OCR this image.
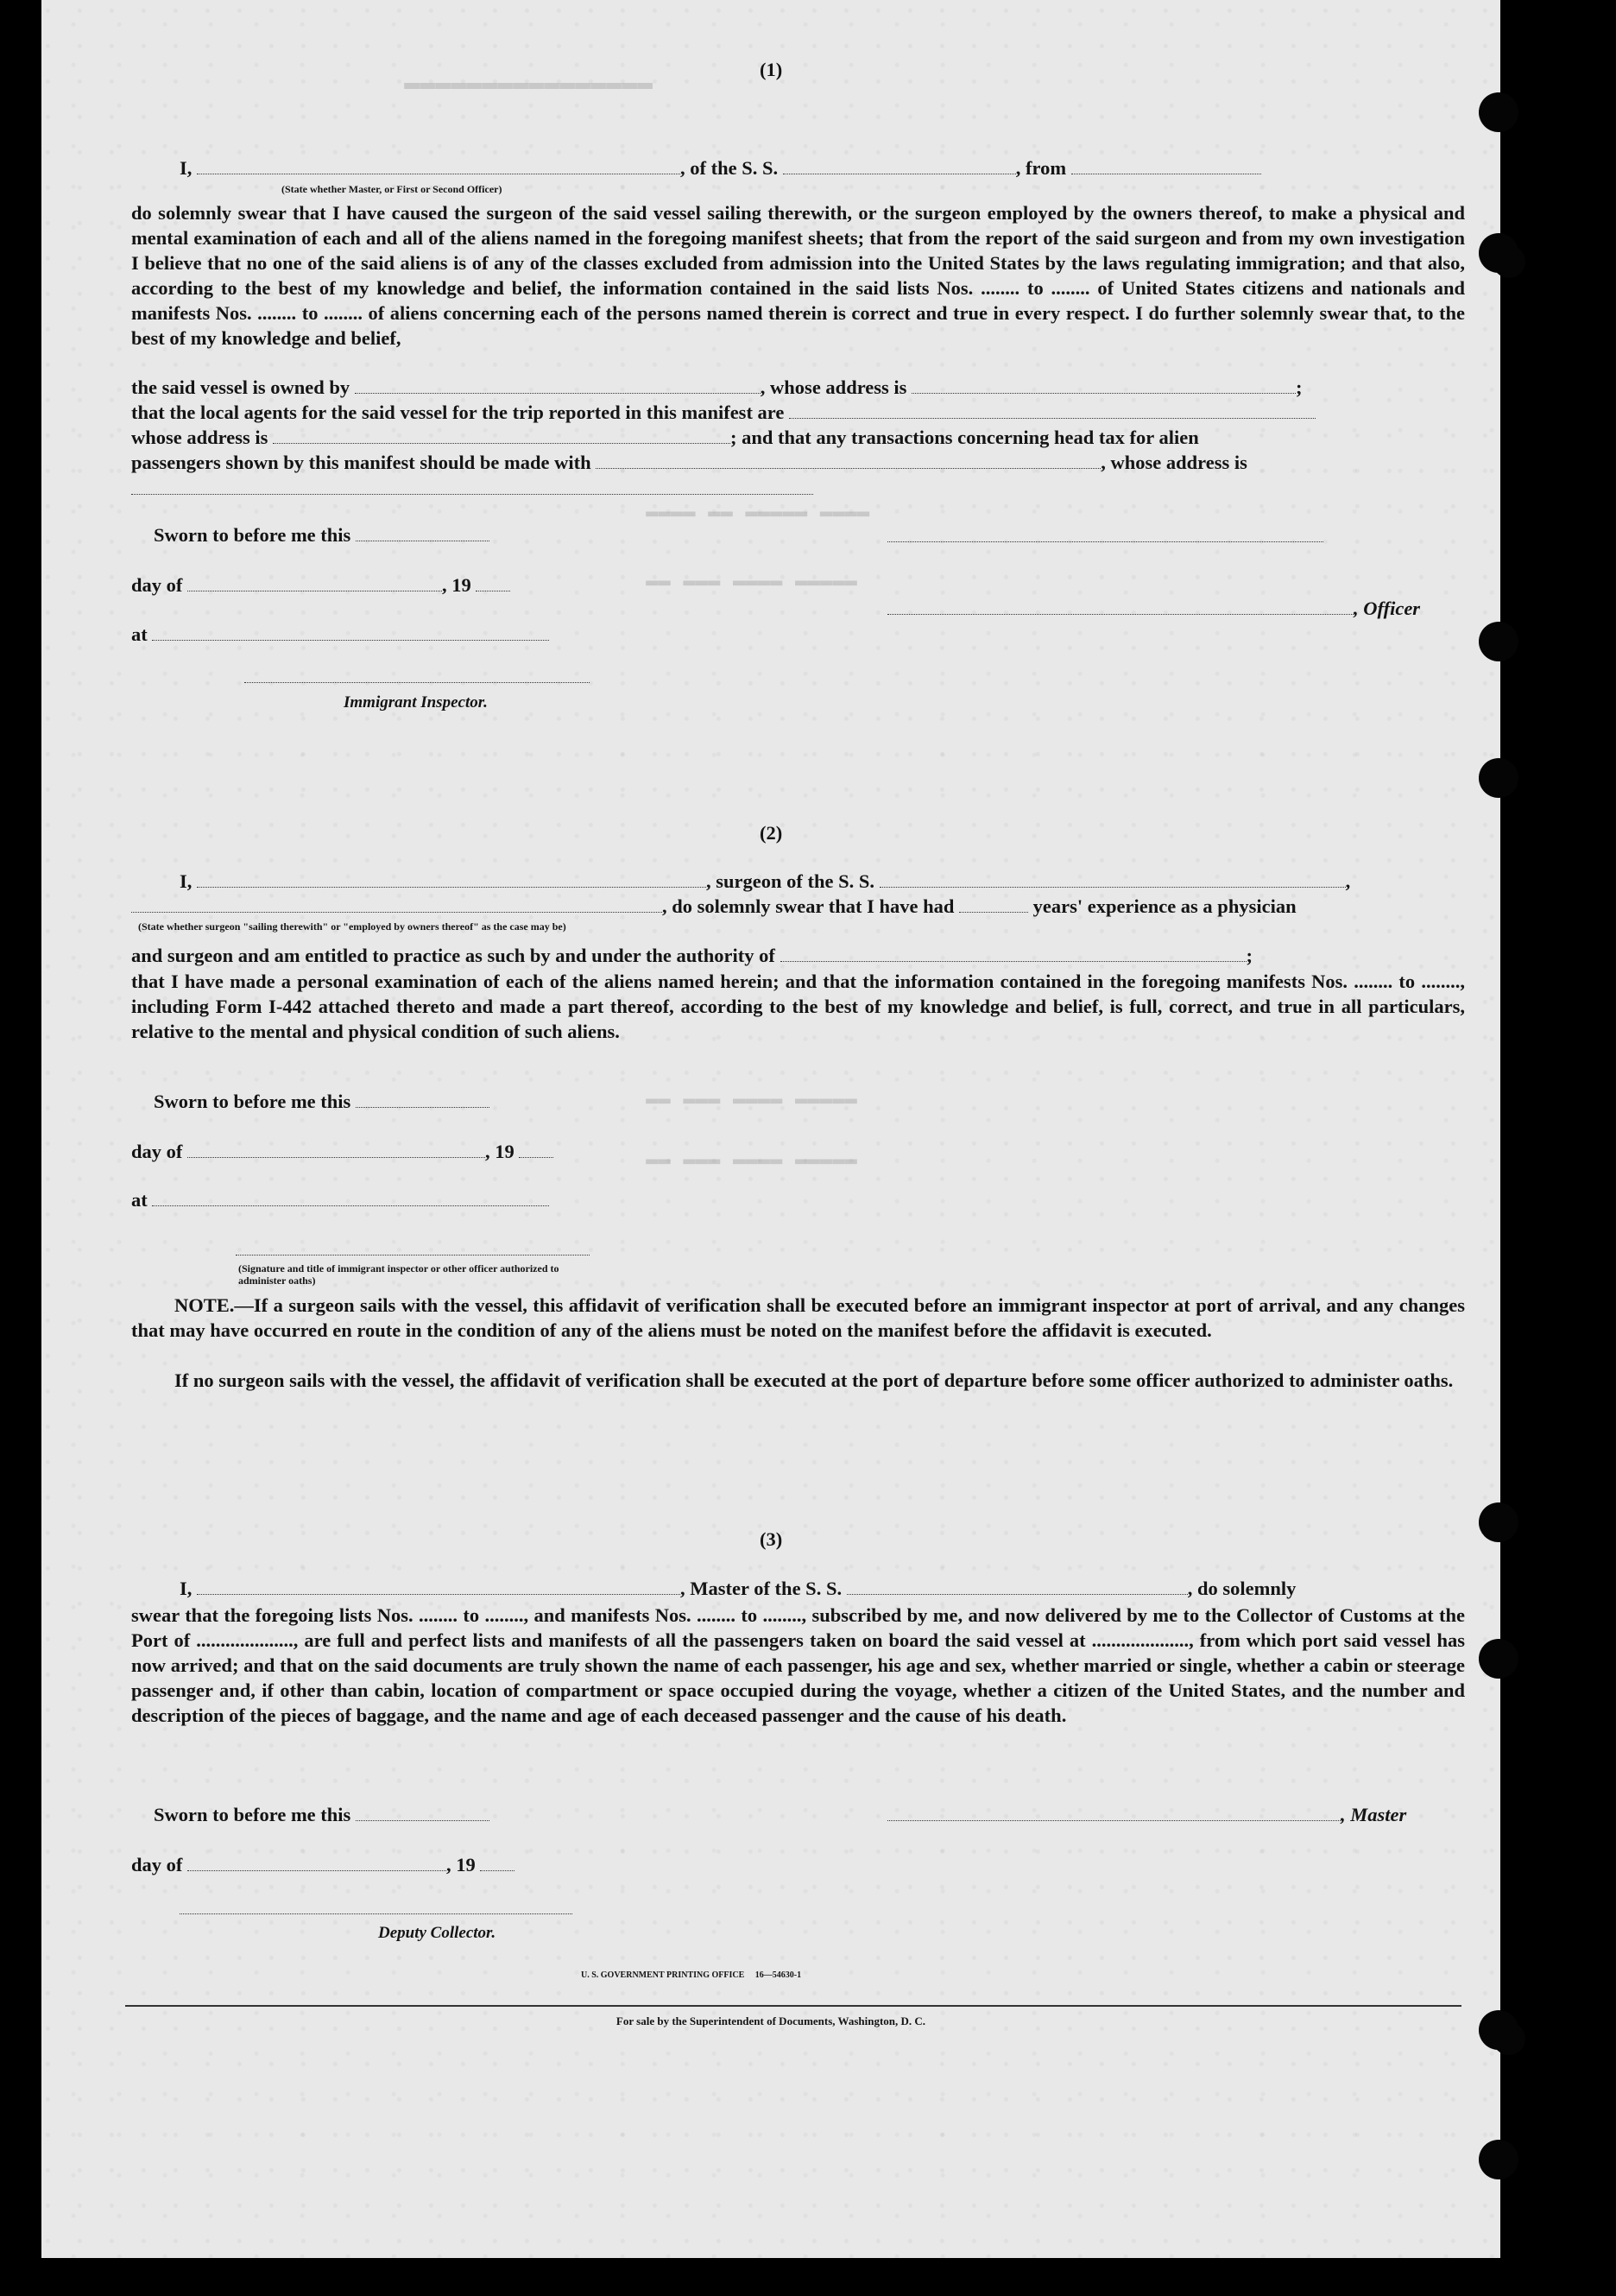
▬▬▬▬▬▬▬▬▬▬▬▬▬▬▬▬
▬▬▬▬ ▬▬▬▬▬ ▬▬ ▬▬▬▬
▬▬▬▬▬ ▬▬▬▬ ▬▬▬ ▬▬
▬▬▬▬▬ ▬▬▬▬ ▬▬▬ ▬▬
▬▬▬▬▬ ▬▬▬▬ ▬▬▬ ▬▬
(1)
I,	, of the S. S.	, from
(State whether Master, or First or Second Officer)

do solemnly swear that I have caused the surgeon of the said vessel sailing therewith, or the surgeon employed by the owners thereof, to make a physical and mental examination of each and all of the aliens named in the foregoing manifest sheets; that from the report of the said surgeon and from my own investigation I believe that no one of the said aliens is of any of the classes excluded from admission into the United States by the laws regulating immigration; and that also, according to the best of my knowledge and belief, the information contained in the said lists Nos. ........ to ........ of United States citizens and nationals and manifests Nos. ........ to ........ of aliens concerning each of the persons named therein is correct and true in every respect. I do further solemnly swear that, to the best of my knowledge and belief,

the said vessel is owned by	, whose address is	;
that the local agents for the said vessel for the trip reported in this manifest are
whose address is	; and that any transactions concerning head tax for alien
passengers shown by this manifest should be made with	, whose address is
Sworn to before me this
day of	, 19
at
Immigrant Inspector.
, Officer
(2)
I,	, surgeon of the S. S.	,
, do solemnly swear that I have had	years' experience as a physician
(State whether surgeon "sailing therewith" or "employed by owners thereof" as the case may be)
and surgeon and am entitled to practice as such by and under the authority of	;

that I have made a personal examination of each of the aliens named herein; and that the information contained in the foregoing manifests Nos. ........ to ........, including Form I-442 attached thereto and made a part thereof, according to the best of my knowledge and belief, is full, correct, and true in all particulars, relative to the mental and physical condition of such aliens.

Sworn to before me this
day of	, 19
at
(Signature and title of immigrant inspector or other officer authorized to administer oaths)

NOTE.—If a surgeon sails with the vessel, this affidavit of verification shall be executed before an immigrant inspector at port of arrival, and any changes that may have occurred en route in the condition of any of the aliens must be noted on the manifest before the affidavit is executed.

If no surgeon sails with the vessel, the affidavit of verification shall be executed at the port of departure before some officer authorized to administer oaths.

(3)
I,	, Master of the S. S.	, do solemnly

swear that the foregoing lists Nos. ........ to ........, and manifests Nos. ........ to ........, subscribed by me, and now delivered by me to the Collector of Customs at the Port of ...................., are full and perfect lists and manifests of all the passengers taken on board the said vessel at ...................., from which port said vessel has now arrived; and that on the said documents are truly shown the name of each passenger, his age and sex, whether married or single, whether a cabin or steerage passenger and, if other than cabin, location of compartment or space occupied during the voyage, whether a citizen of the United States, and the number and description of the pieces of baggage, and the name and age of each deceased passenger and the cause of his death.

Sworn to before me this	, Master
day of	, 19
Deputy Collector.
U. S. GOVERNMENT PRINTING OFFICE     16—54630-1
For sale by the Superintendent of Documents, Washington, D. C.
